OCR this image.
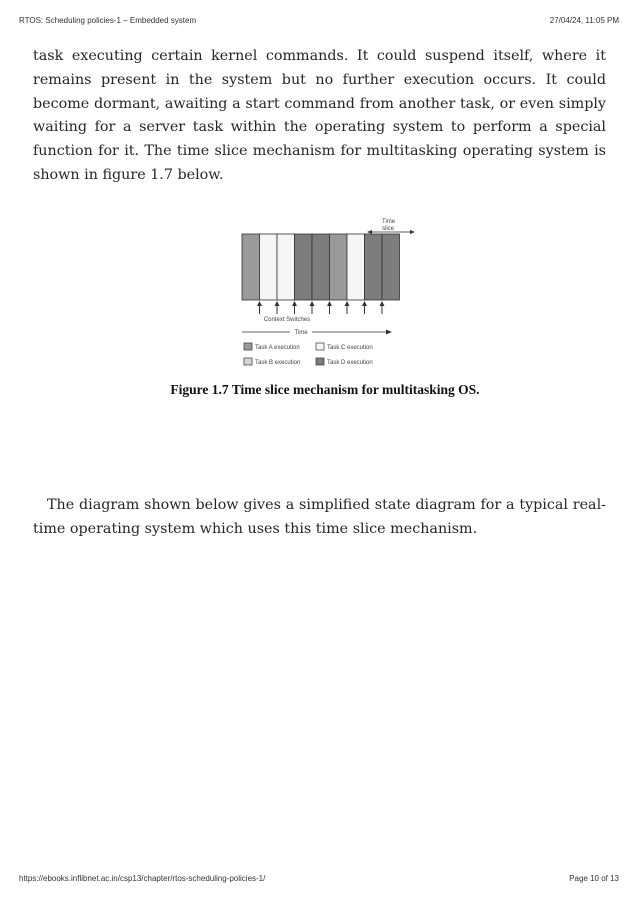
RTOS: Scheduling policies-1 – Embedded system	27/04/24, 11:05 PM

task executing certain kernel commands. It could suspend itself, where it remains present in the system but no further execution occurs. It could become dormant, awaiting a start command from another task, or even simply waiting for a server task within the operating system to perform a special function for it. The time slice mechanism for multitasking operating system is shown in figure 1.7 below.

Time
slice
Context Switches
Time
Task A execution
Task B execution
Task C execution
Task D execution
Figure 1.7 Time slice mechanism for multitasking OS.

The diagram shown below gives a simplified state diagram for a typical real-time operating system which uses this time slice mechanism.

https://ebooks.inflibnet.ac.in/csp13/chapter/rtos-scheduling-policies-1/	Page 10 of 13
